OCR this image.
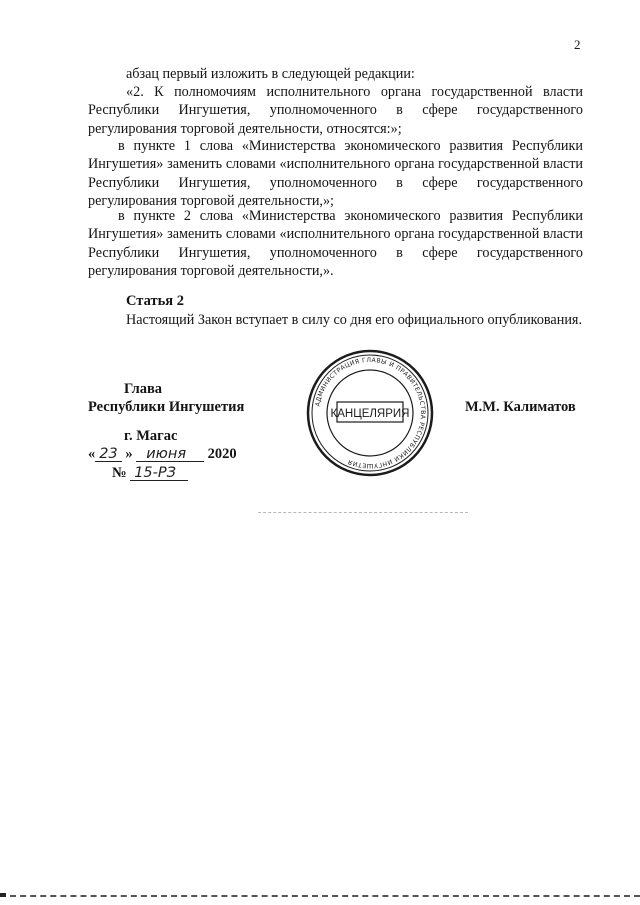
2

абзац первый изложить в следующей редакции:

«2. К полномочиям исполнительного органа государственной власти Республики Ингушетия, уполномоченного в сфере государственного регулирования торговой деятельности, относятся:»;

в пункте 1 слова «Министерства экономического развития Республики Ингушетия» заменить словами «исполнительного органа государственной власти Республики Ингушетия, уполномоченного в сфере государственного регулирования торговой деятельности,»;

в пункте 2 слова «Министерства экономического развития Республики Ингушетия» заменить словами «исполнительного органа государственной власти Республики Ингушетия, уполномоченного в сфере государственного регулирования торговой деятельности,».

Статья 2

Настоящий Закон вступает в силу со дня его официального опубликования.

Глава
Республики Ингушетия	М.М. Калиматов
г. Магас
« 23 » июня 2020
№ 15-РЗ
АДМИНИСТРАЦИЯ ГЛАВЫ И ПРАВИТЕЛЬСТВА РЕСПУБЛИКИ ИНГУШЕТИЯ
КАНЦЕЛЯРИЯ
